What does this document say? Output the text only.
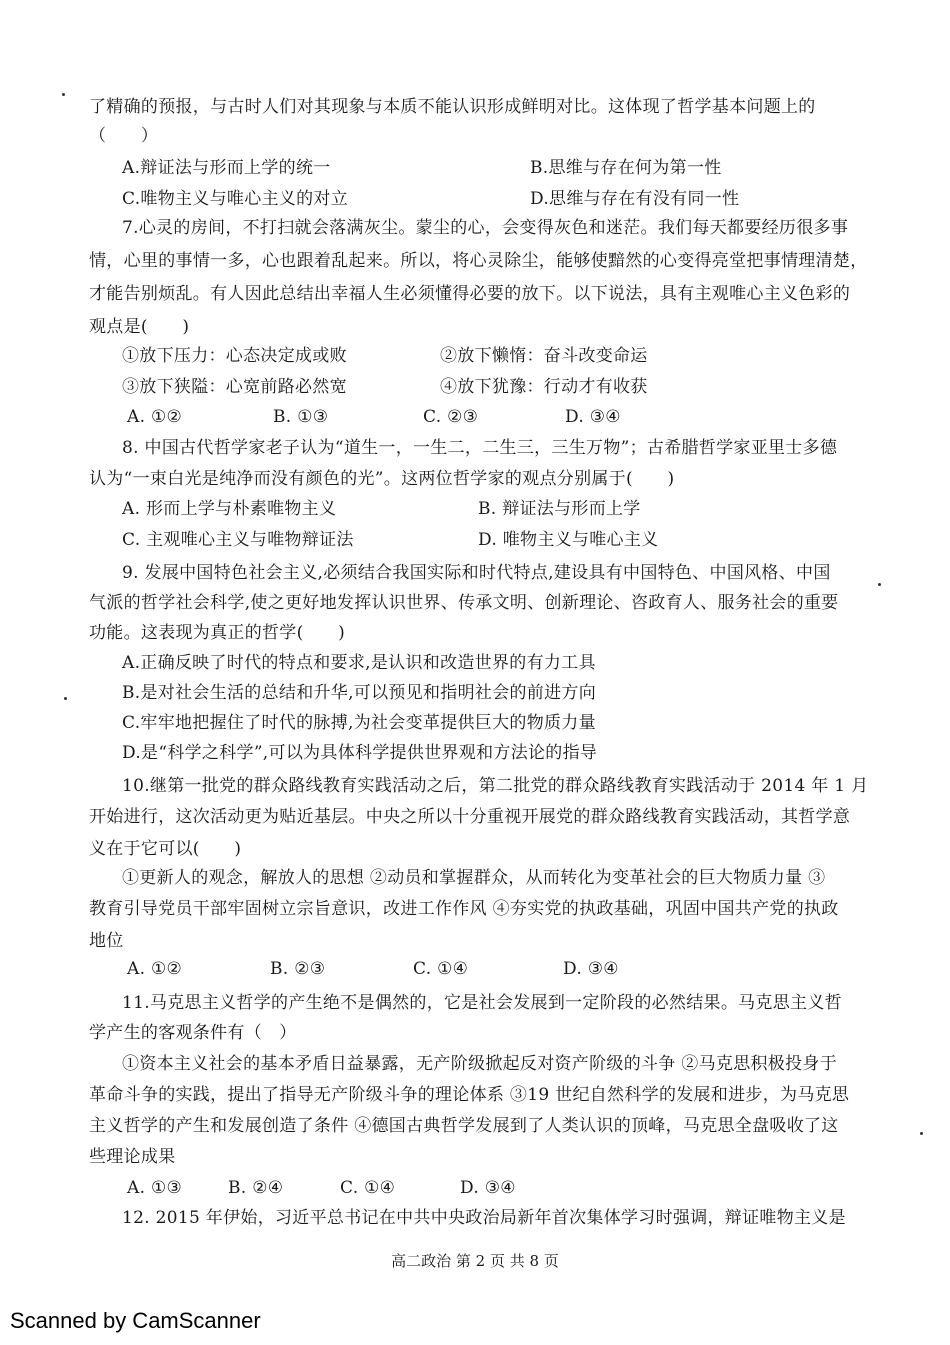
了精确的预报，与古时人们对其现象与本质不能认识形成鲜明对比。这体现了哲学基本问题上的
（　　）
7.心灵的房间，不打扫就会落满灰尘。蒙尘的心，会变得灰色和迷茫。我们每天都要经历很多事
情，心里的事情一多，心也跟着乱起来。所以，将心灵除尘，能够使黯然的心变得亮堂把事情理清楚，
才能告别烦乱。有人因此总结出幸福人生必须懂得必要的放下。以下说法，具有主观唯心主义色彩的
观点是(　　)
8. 中国古代哲学家老子认为“道生一，一生二，二生三，三生万物”；古希腊哲学家亚里士多德
认为“一束白光是纯净而没有颜色的光”。这两位哲学家的观点分别属于(　　)
9. 发展中国特色社会主义,必须结合我国实际和时代特点,建设具有中国特色、中国风格、中国
气派的哲学社会科学,使之更好地发挥认识世界、传承文明、创新理论、咨政育人、服务社会的重要
功能。这表现为真正的哲学(　　)
A.正确反映了时代的特点和要求,是认识和改造世界的有力工具
B.是对社会生活的总结和升华,可以预见和指明社会的前进方向
C.牢牢地把握住了时代的脉搏,为社会变革提供巨大的物质力量
D.是“科学之科学”,可以为具体科学提供世界观和方法论的指导
10.继第一批党的群众路线教育实践活动之后，第二批党的群众路线教育实践活动于 2014 年 1 月
开始进行，这次活动更为贴近基层。中央之所以十分重视开展党的群众路线教育实践活动，其哲学意
义在于它可以(　　)
①更新人的观念，解放人的思想 ②动员和掌握群众，从而转化为变革社会的巨大物质力量 ③
教育引导党员干部牢固树立宗旨意识，改进工作作风 ④夯实党的执政基础，巩固中国共产党的执政
地位
11.马克思主义哲学的产生绝不是偶然的，它是社会发展到一定阶段的必然结果。马克思主义哲
学产生的客观条件有（　）
①资本主义社会的基本矛盾日益暴露，无产阶级掀起反对资产阶级的斗争 ②马克思积极投身于
革命斗争的实践，提出了指导无产阶级斗争的理论体系 ③19 世纪自然科学的发展和进步，为马克思
主义哲学的产生和发展创造了条件 ④德国古典哲学发展到了人类认识的顶峰，马克思全盘吸收了这
些理论成果
12. 2015 年伊始，习近平总书记在中共中央政治局新年首次集体学习时强调，辩证唯物主义是
A.辩证法与形而上学的统一	B.思维与存在何为第一性
C.唯物主义与唯心主义的对立	D.思维与存在有没有同一性
①放下压力：心态决定成或败	②放下懒惰：奋斗改变命运
③放下狭隘：心宽前路必然宽	④放下犹豫：行动才有收获
A. 形而上学与朴素唯物主义	B. 辩证法与形而上学
C. 主观唯心主义与唯物辩证法	D. 唯物主义与唯心主义
A. ①②	B. ①③	C. ②③	D. ③④
A. ①②	B. ②③	C. ①④	D. ③④
A. ①③	B. ②④	C. ①④	D. ③④
高二政治 第 2 页 共 8 页
Scanned by CamScanner
